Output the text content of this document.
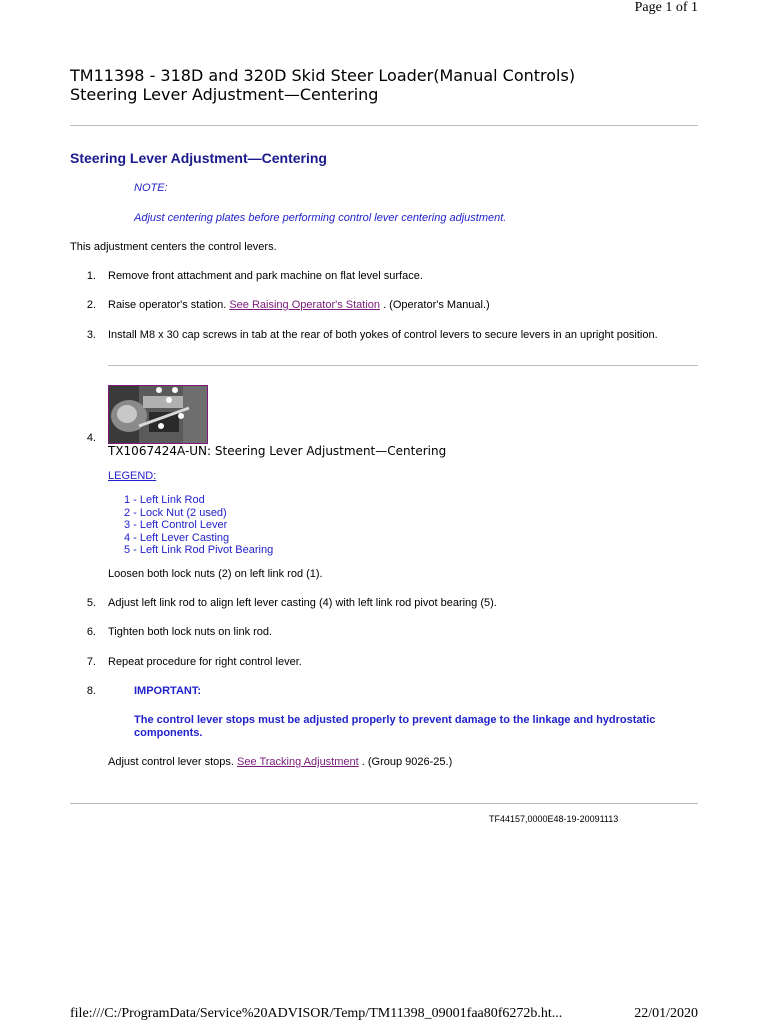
Page 1 of 1
TM11398 - 318D and 320D Skid Steer Loader(Manual Controls)
Steering Lever Adjustment—Centering
Steering Lever Adjustment—Centering
NOTE:
Adjust centering plates before performing control lever centering adjustment.
This adjustment centers the control levers.
1. Remove front attachment and park machine on flat level surface.
2. Raise operator's station. See Raising Operator's Station . (Operator's Manual.)
3. Install M8 x 30 cap screws in tab at the rear of both yokes of control levers to secure levers in an upright position.
4.
TX1067424A-UN: Steering Lever Adjustment—Centering
LEGEND:
1 - Left Link Rod
2 - Lock Nut (2 used)
3 - Left Control Lever
4 - Left Lever Casting
5 - Left Link Rod Pivot Bearing
Loosen both lock nuts (2) on left link rod (1).
5. Adjust left link rod to align left lever casting (4) with left link rod pivot bearing (5).
6. Tighten both lock nuts on link rod.
7. Repeat procedure for right control lever.
8.	IMPORTANT:
The control lever stops must be adjusted properly to prevent damage to the linkage and hydrostatic components.
Adjust control lever stops. See Tracking Adjustment . (Group 9026-25.)
TF44157,0000E48-19-20091113
file:///C:/ProgramData/Service%20ADVISOR/Temp/TM11398_09001faa80f6272b.ht...	22/01/2020
